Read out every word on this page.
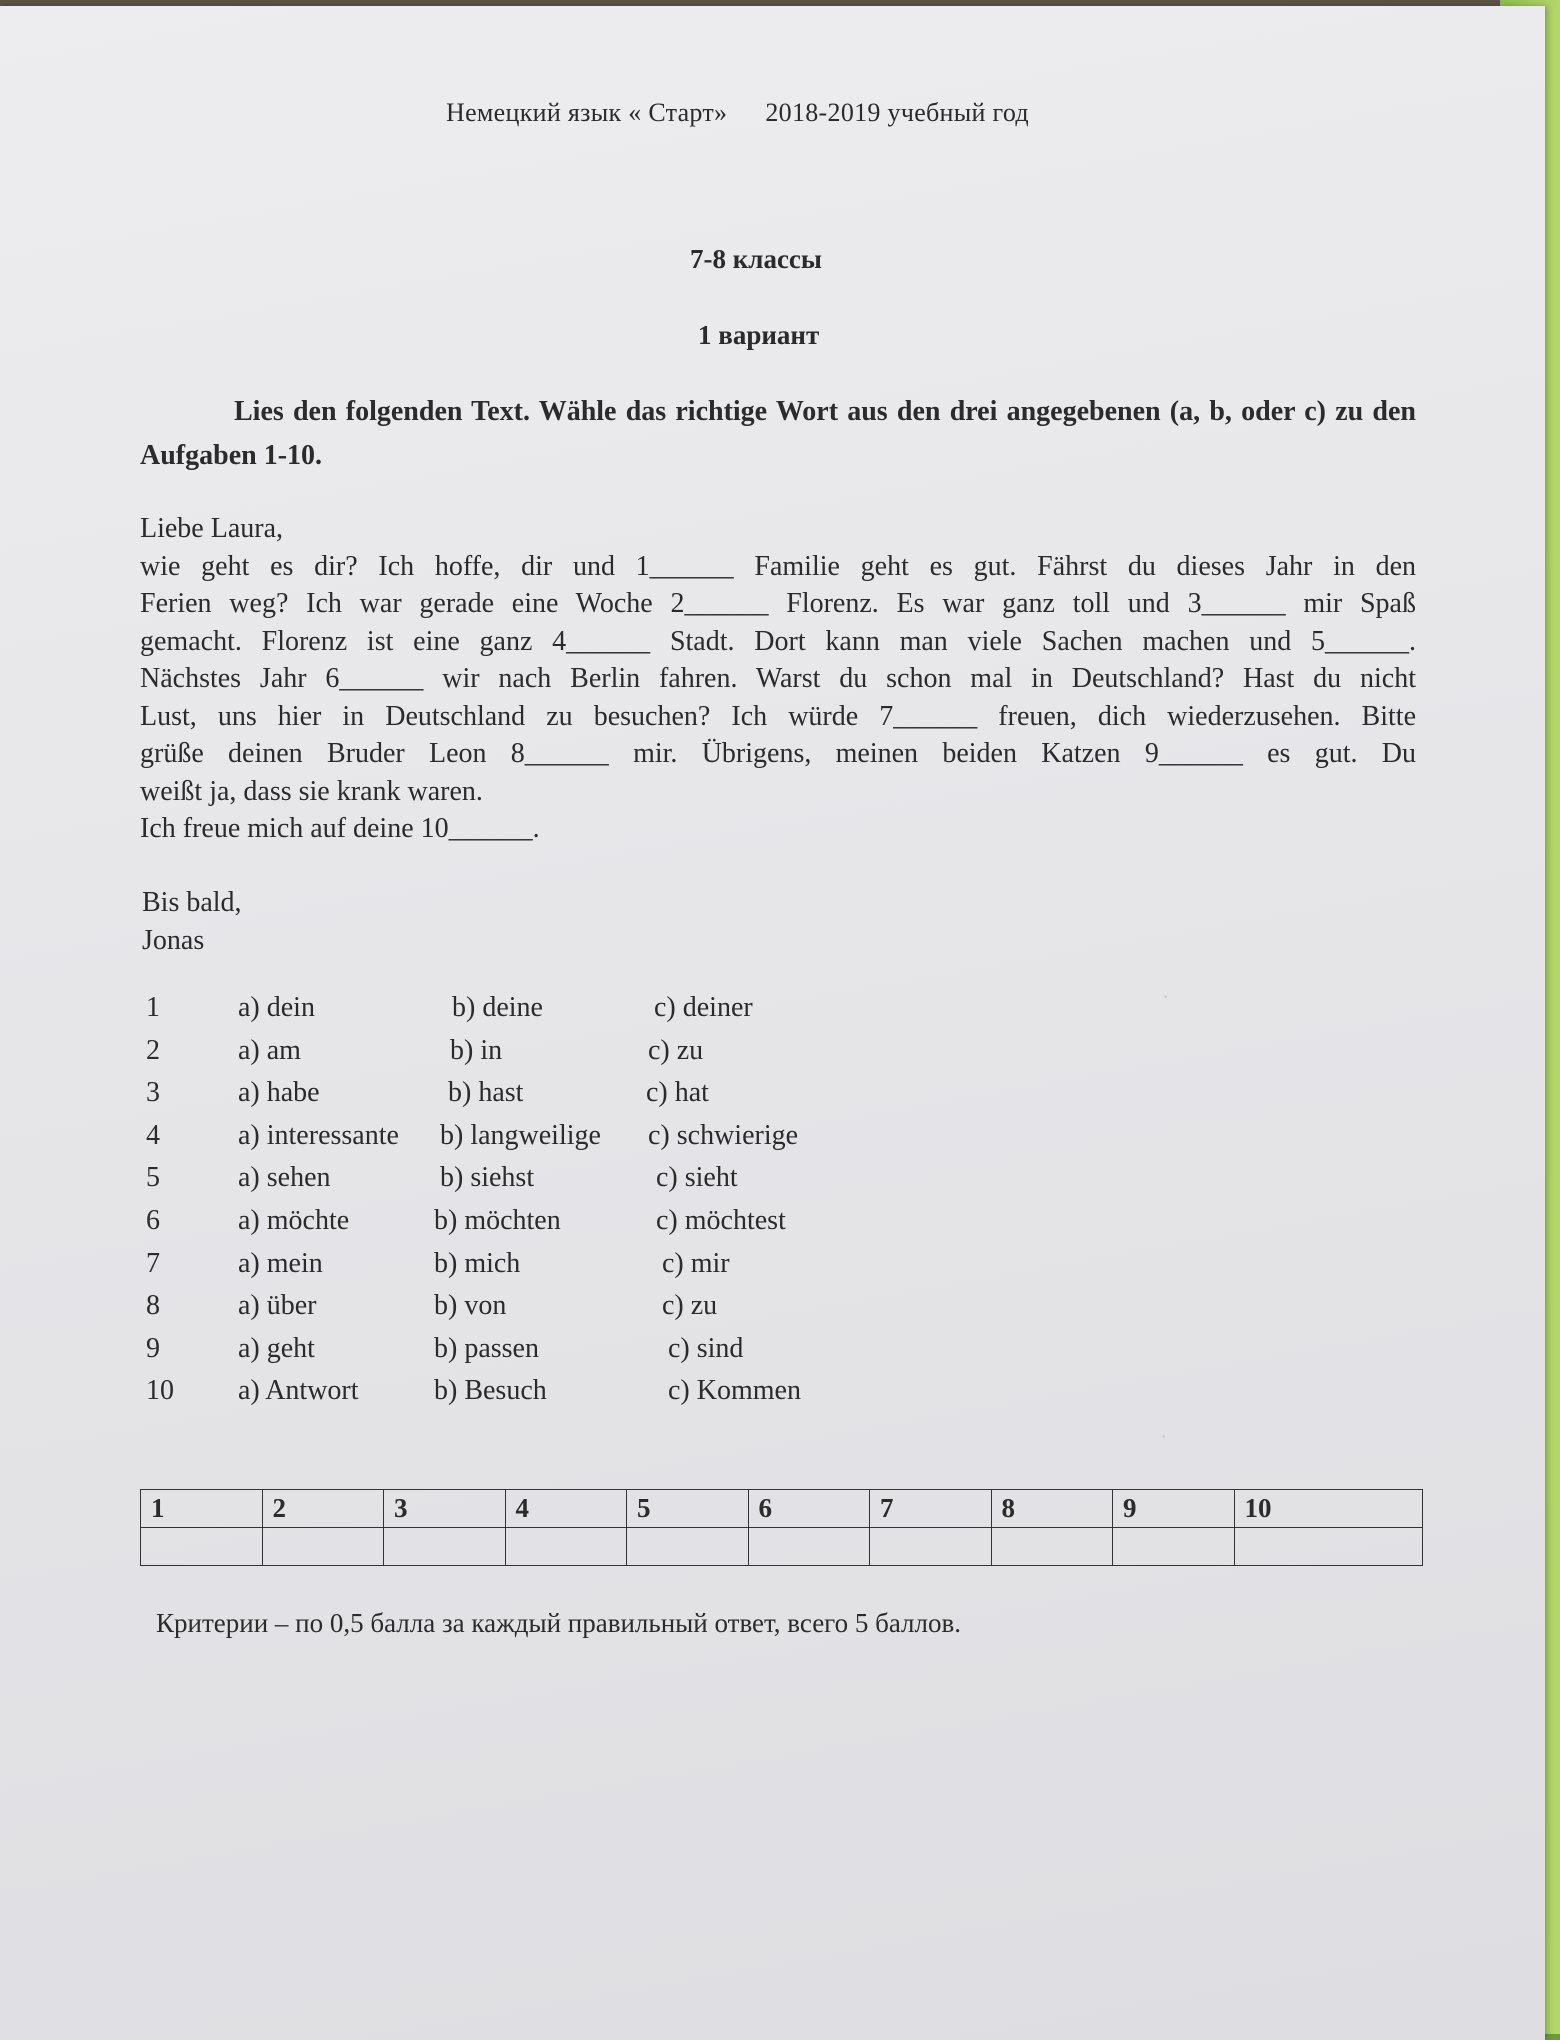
Немецкий язык « Старт» 2018-2019 учебный год
7-8 классы
1 вариант
Lies den folgenden Text. Wähle das richtige Wort aus den drei angegebenen (a, b, oder c) zu den Aufgaben 1-10.

Liebe Laura,

wie geht es dir? Ich hoffe, dir und 1______ Familie geht es gut. Fährst du dieses Jahr in den

Ferien weg? Ich war gerade eine Woche 2______ Florenz. Es war ganz toll und 3______ mir Spaß

gemacht. Florenz ist eine ganz 4______ Stadt. Dort kann man viele Sachen machen und 5______.

Nächstes Jahr 6______ wir nach Berlin fahren. Warst du schon mal in Deutschland? Hast du nicht

Lust, uns hier in Deutschland zu besuchen? Ich würde 7______ freuen, dich wiederzusehen. Bitte

grüße deinen Bruder Leon 8______ mir. Übrigens, meinen beiden Katzen 9______ es gut. Du

weißt ja, dass sie krank waren.

Ich freue mich auf deine 10______.

Bis bald,
Jonas
1	a) dein	b) deine	c) deiner
2	a) am	b) in	c) zu
3	a) habe	b) hast	c) hat
4	a) interessante b) langweilige c) schwierige
5	a) sehen	b) siehst	c) sieht
6	a) möchte	b) möchten	c) möchtest
7	a) mein	b) mich	c) mir
8	a) über	b) von	c) zu
9	a) geht	b) passen	c) sind
10 a) Antwort	b) Besuch	c) Kommen
1	2	3	4	5	6	7	8	9	10

Критерии – по 0,5 балла за каждый правильный ответ, всего 5 баллов.
·
·
